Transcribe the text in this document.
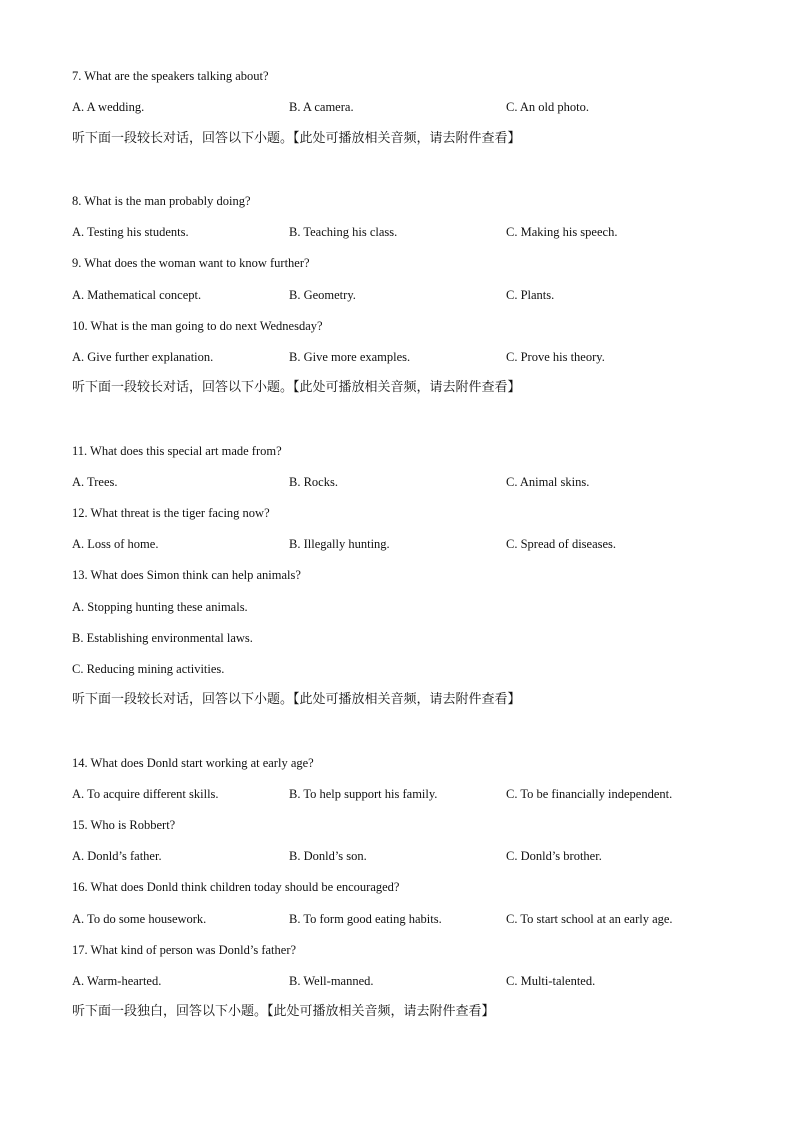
7. What are the speakers talking about?
A. A wedding.	B. A camera.	C. An old photo.
听下面一段较长对话，回答以下小题。【此处可播放相关音频，请去附件查看】
8. What is the man probably doing?
A. Testing his students.	B. Teaching his class.	C. Making his speech.
9. What does the woman want to know further?
A. Mathematical concept.	B. Geometry.	C. Plants.
10. What is the man going to do next Wednesday?
A. Give further explanation.	B. Give more examples.	C. Prove his theory.
听下面一段较长对话，回答以下小题。【此处可播放相关音频，请去附件查看】
11. What does this special art made from?
A. Trees.	B. Rocks.	C. Animal skins.
12. What threat is the tiger facing now?
A. Loss of home.	B. Illegally hunting.	C. Spread of diseases.
13. What does Simon think can help animals?
A. Stopping hunting these animals.
B. Establishing environmental laws.
C. Reducing mining activities.
听下面一段较长对话，回答以下小题。【此处可播放相关音频，请去附件查看】
14. What does Donld start working at early age?
A. To acquire different skills.	B. To help support his family.	C. To be financially independent.
15. Who is Robbert?
A. Donld’s father.	B. Donld’s son.	C. Donld’s brother.
16. What does Donld think children today should be encouraged?
A. To do some housework.	B. To form good eating habits.	C. To start school at an early age.
17. What kind of person was Donld’s father?
A. Warm-hearted.	B. Well-manned.	C. Multi-talented.
听下面一段独白，回答以下小题。【此处可播放相关音频，请去附件查看】
